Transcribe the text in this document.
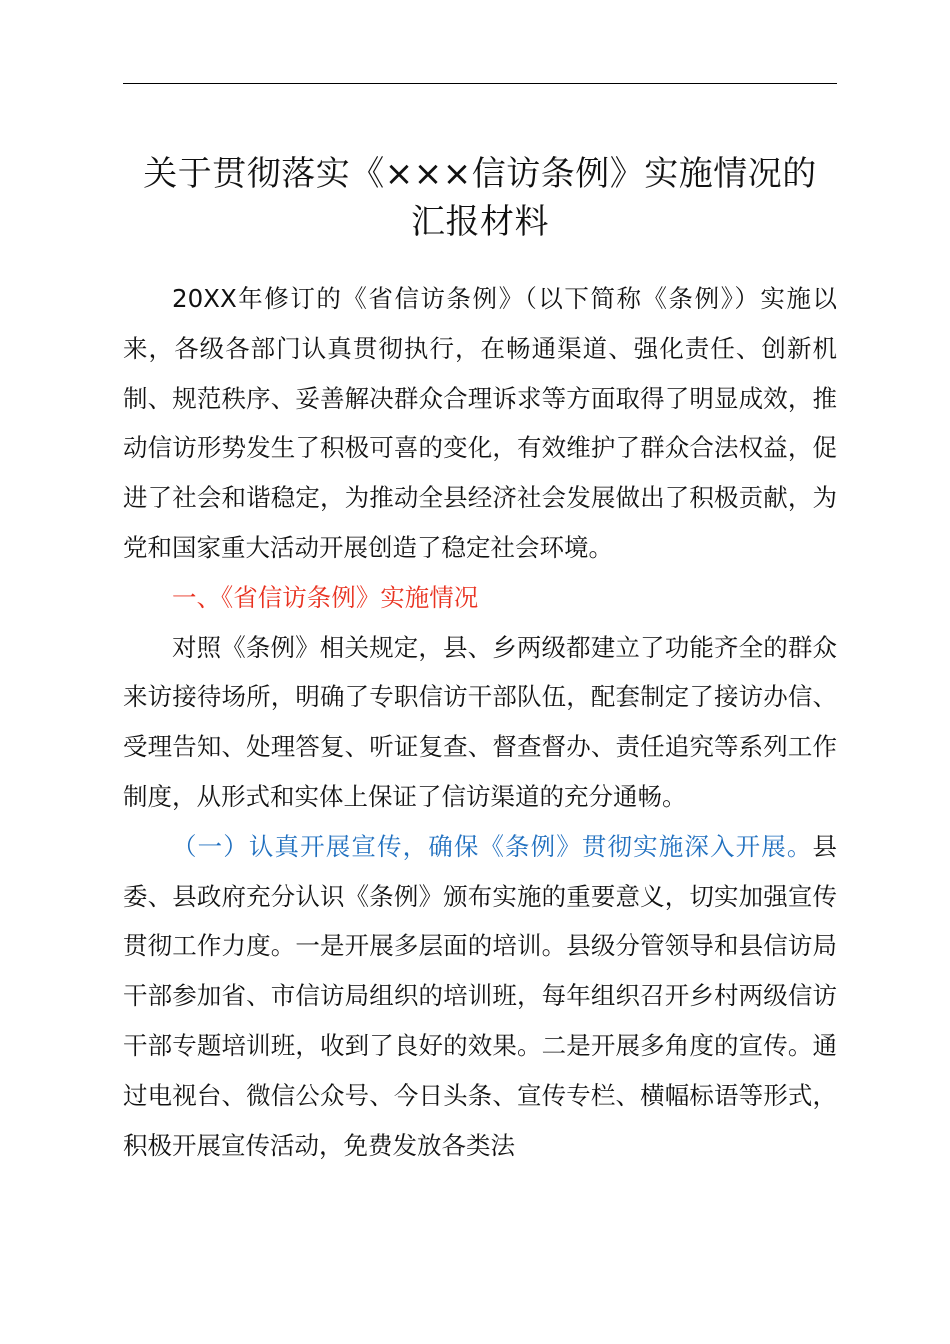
关于贯彻落实《×××信访条例》实施情况的
汇报材料

20XX年修订的《省信访条例》（以下简称《条例》）实施以来，各级各部门认真贯彻执行，在畅通渠道、强化责任、创新机制、规范秩序、妥善解决群众合理诉求等方面取得了明显成效，推动信访形势发生了积极可喜的变化，有效维护了群众合法权益，促进了社会和谐稳定，为推动全县经济社会发展做出了积极贡献，为党和国家重大活动开展创造了稳定社会环境。

一、《省信访条例》实施情况

对照《条例》相关规定，县、乡两级都建立了功能齐全的群众来访接待场所，明确了专职信访干部队伍，配套制定了接访办信、受理告知、处理答复、听证复查、督查督办、责任追究等系列工作制度，从形式和实体上保证了信访渠道的充分通畅。

（一）认真开展宣传，确保《条例》贯彻实施深入开展。县委、县政府充分认识《条例》颁布实施的重要意义，切实加强宣传贯彻工作力度。一是开展多层面的培训。县级分管领导和县信访局干部参加省、市信访局组织的培训班，每年组织召开乡村两级信访干部专题培训班，收到了良好的效果。二是开展多角度的宣传。通过电视台、微信公众号、今日头条、宣传专栏、横幅标语等形式，积极开展宣传活动，免费发放各类法
